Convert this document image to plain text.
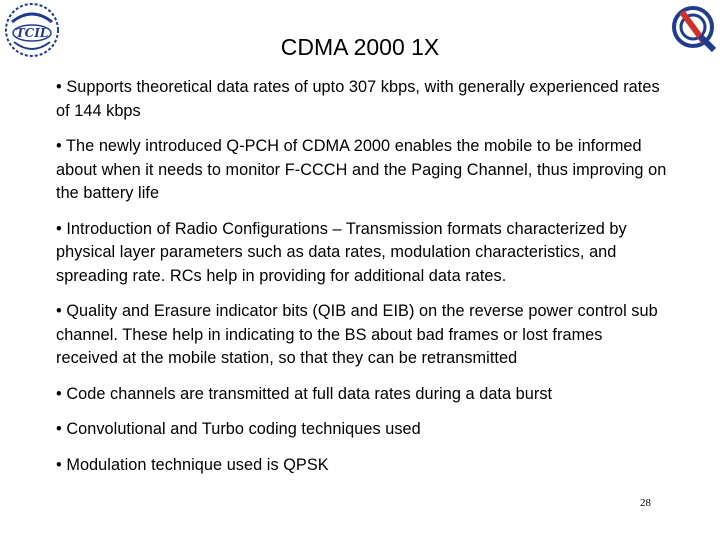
TCIL
CDMA 2000 1X

• Supports theoretical data rates of upto 307 kbps, with generally experienced rates of 144 kbps

• The newly introduced Q-PCH of CDMA 2000 enables the mobile to be informed about when it needs to monitor F-CCCH and the Paging Channel, thus improving on the battery life

• Introduction of Radio Configurations – Transmission formats characterized by physical layer parameters such as data rates, modulation characteristics, and spreading rate. RCs help in providing for additional data rates.

• Quality and Erasure indicator bits (QIB and EIB) on the reverse power control sub channel. These help in indicating to the BS about bad frames or lost frames received at the mobile station, so that they can be retransmitted

• Code channels are transmitted at full data rates during a data burst

• Convolutional and Turbo coding techniques used

• Modulation technique used is QPSK

28
